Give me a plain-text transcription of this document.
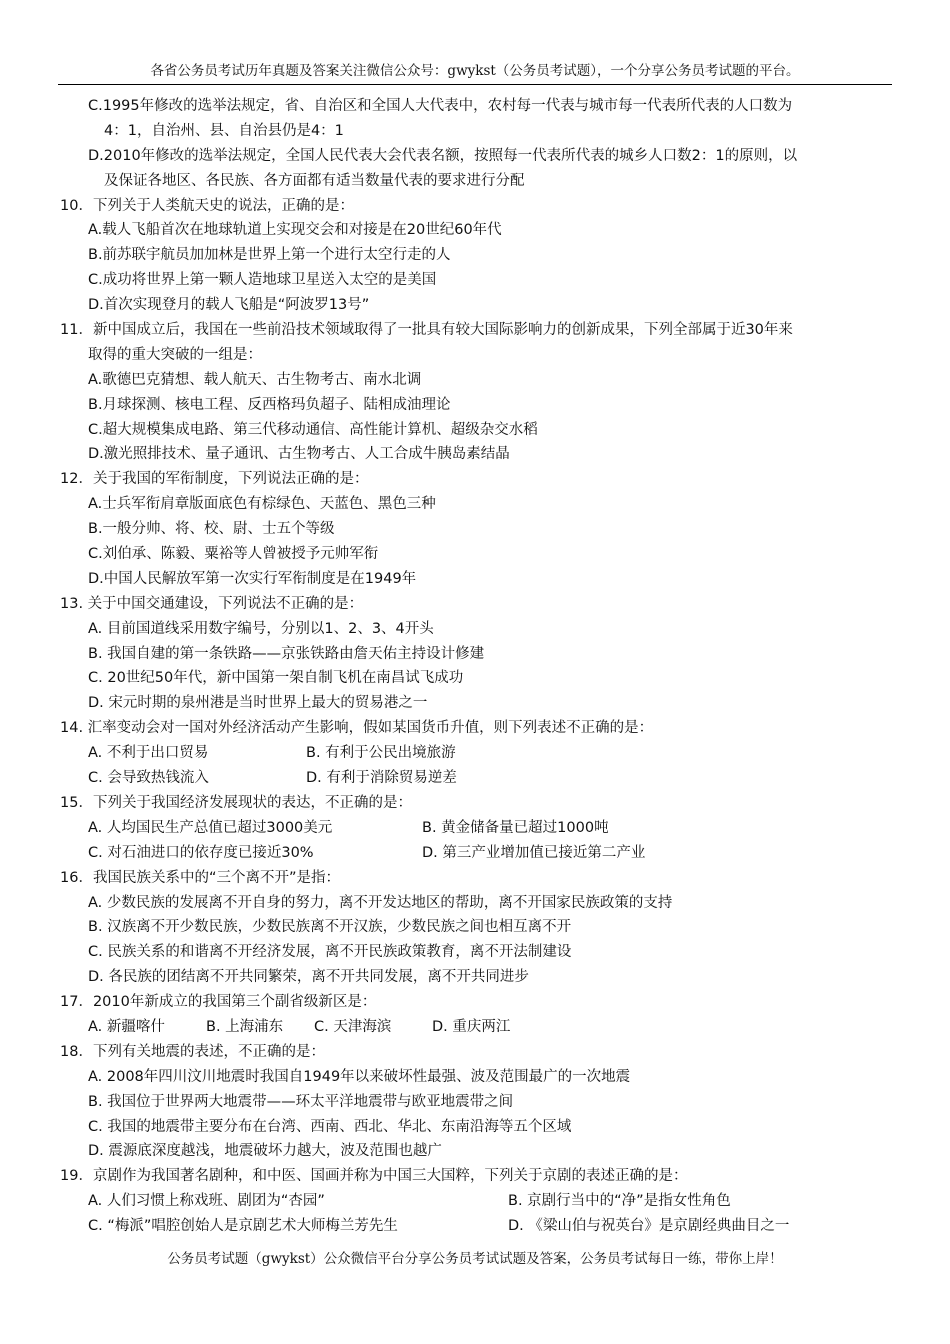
各省公务员考试历年真题及答案关注微信公众号：gwykst（公务员考试题），一个分享公务员考试题的平台。
C.1995年修改的选举法规定，省、自治区和全国人大代表中，农村每一代表与城市每一代表所代表的人口数为
4：1，自治州、县、自治县仍是4：1
D.2010年修改的选举法规定，全国人民代表大会代表名额，按照每一代表所代表的城乡人口数2：1的原则，以
及保证各地区、各民族、各方面都有适当数量代表的要求进行分配
10．下列关于人类航天史的说法，正确的是：
A.载人飞船首次在地球轨道上实现交会和对接是在20世纪60年代
B.前苏联宇航员加加林是世界上第一个进行太空行走的人
C.成功将世界上第一颗人造地球卫星送入太空的是美国
D.首次实现登月的载人飞船是“阿波罗13号”
11．新中国成立后，我国在一些前沿技术领域取得了一批具有较大国际影响力的创新成果，下列全部属于近30年来
取得的重大突破的一组是：
A.歌德巴克猜想、载人航天、古生物考古、南水北调
B.月球探测、核电工程、反西格玛负超子、陆相成油理论
C.超大规模集成电路、第三代移动通信、高性能计算机、超级杂交水稻
D.激光照排技术、量子通讯、古生物考古、人工合成牛胰岛素结晶
12．关于我国的军衔制度，下列说法正确的是：
A.士兵军衔肩章版面底色有棕绿色、天蓝色、黑色三种
B.一般分帅、将、校、尉、士五个等级
C.刘伯承、陈毅、粟裕等人曾被授予元帅军衔
D.中国人民解放军第一次实行军衔制度是在1949年
13. 关于中国交通建设，下列说法不正确的是：
A. 目前国道线采用数字编号，分别以1、2、3、4开头
B. 我国自建的第一条铁路——京张铁路由詹天佑主持设计修建
C. 20世纪50年代，新中国第一架自制飞机在南昌试飞成功
D. 宋元时期的泉州港是当时世界上最大的贸易港之一
14. 汇率变动会对一国对外经济活动产生影响，假如某国货币升值，则下列表述不正确的是：
A. 不利于出口贸易	B. 有利于公民出境旅游
C. 会导致热钱流入	D. 有利于消除贸易逆差
15．下列关于我国经济发展现状的表达，不正确的是：
A. 人均国民生产总值已超过3000美元	B. 黄金储备量已超过1000吨
C. 对石油进口的依存度已接近30%	D. 第三产业增加值已接近第二产业
16．我国民族关系中的“三个离不开”是指：
A. 少数民族的发展离不开自身的努力，离不开发达地区的帮助，离不开国家民族政策的支持
B. 汉族离不开少数民族，少数民族离不开汉族，少数民族之间也相互离不开
C. 民族关系的和谐离不开经济发展，离不开民族政策教育，离不开法制建设
D. 各民族的团结离不开共同繁荣，离不开共同发展，离不开共同进步
17．2010年新成立的我国第三个副省级新区是：
A. 新疆喀什	B. 上海浦东	C. 天津海滨	D. 重庆两江
18．下列有关地震的表述，不正确的是：
A. 2008年四川汶川地震时我国自1949年以来破坏性最强、波及范围最广的一次地震
B. 我国位于世界两大地震带——环太平洋地震带与欧亚地震带之间
C. 我国的地震带主要分布在台湾、西南、西北、华北、东南沿海等五个区域
D. 震源底深度越浅，地震破坏力越大，波及范围也越广
19．京剧作为我国著名剧种，和中医、国画并称为中国三大国粹，下列关于京剧的表述正确的是：
A. 人们习惯上称戏班、剧团为“杏园”	B. 京剧行当中的“净”是指女性角色
C. “梅派”唱腔创始人是京剧艺术大师梅兰芳先生	D. 《梁山伯与祝英台》是京剧经典曲目之一
公务员考试题（gwykst）公众微信平台分享公务员考试试题及答案，公务员考试每日一练，带你上岸！
